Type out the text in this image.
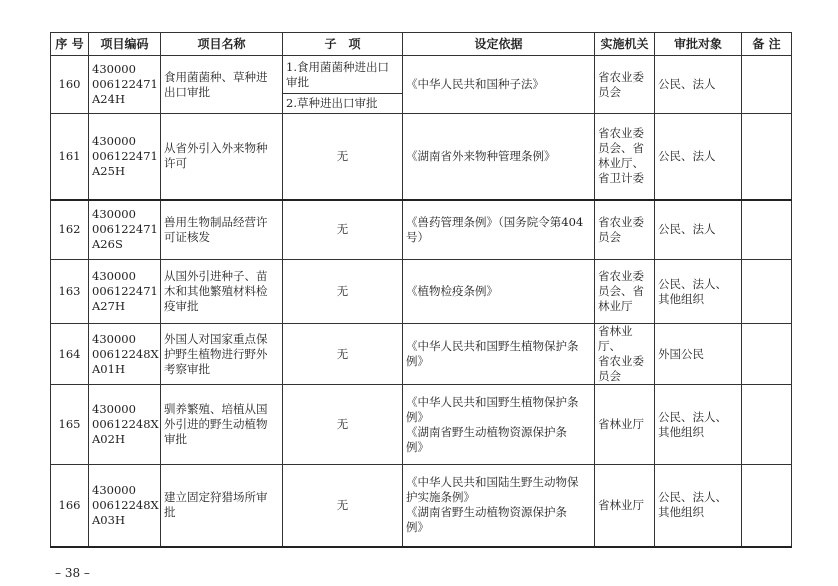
序 号	项目编码	项目名称	子　项	设定依据	实施机关	审批对象	备 注
160	430000
006122471
A24H	食用菌菌种、草种进
出口审批	1.食用菌菌种进出口
审批	《中华人民共和国种子法》	省农业委
员会	公民、法人	

			2.草种进出口审批				

161	430000
006122471
A25H	从省外引入外来物种
许可	无	《湖南省外来物种管理条例》	省农业委
员会、省
林业厅、
省卫计委	公民、法人	

162	430000
006122471
A26S	兽用生物制品经营许
可证核发	无	《兽药管理条例》（国务院令第404
号）	省农业委
员会	公民、法人	

163	430000
006122471
A27H	从国外引进种子、苗
木和其他繁殖材料检
疫审批	无	《植物检疫条例》	省农业委
员会、省
林业厅	公民、法人、
其他组织	

164	430000
00612248X
A01H	外国人对国家重点保
护野生植物进行野外
考察审批	无	《中华人民共和国野生植物保护条
例》	省林业厅、
省农业委
员会	外国公民	

165	430000
00612248X
A02H	驯养繁殖、培植从国
外引进的野生动植物
审批	无	《中华人民共和国野生植物保护条
例》
《湖南省野生动植物资源保护条
例》	省林业厅	公民、法人、
其他组织	

166	430000
00612248X
A03H	建立固定狩猎场所审
批	无	《中华人民共和国陆生野生动物保
护实施条例》
《湖南省野生动植物资源保护条
例》	省林业厅	公民、法人、
其他组织	

– 38 –
